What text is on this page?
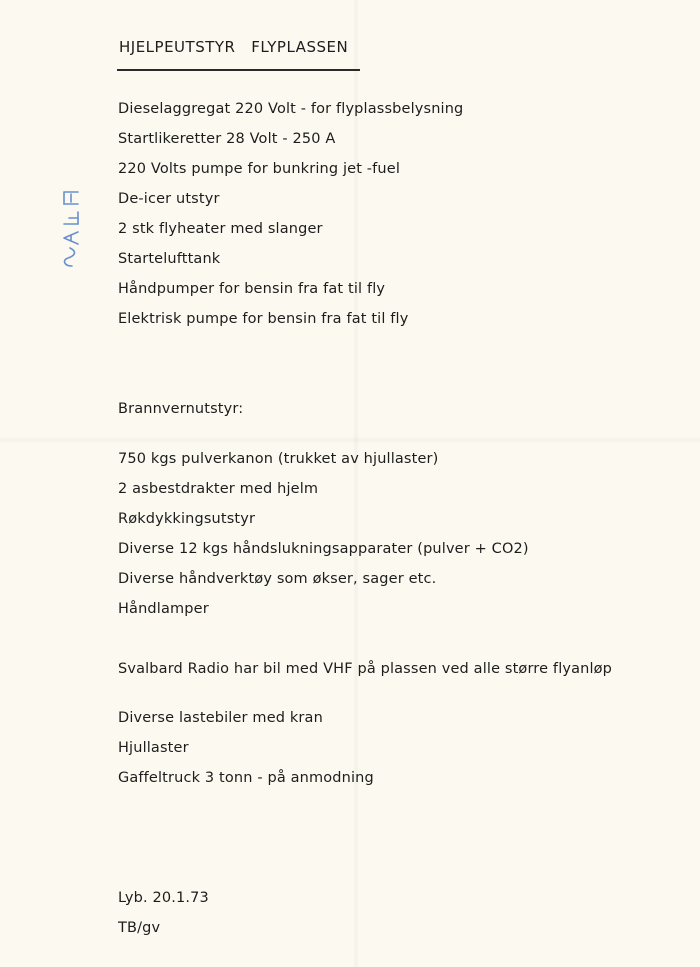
HJELPEUTSTYR   FLYPLASSEN
Dieselaggregat 220 Volt - for flyplassbelysning
Startlikeretter 28 Volt - 250 A
220 Volts pumpe for bunkring jet -fuel
De-icer utstyr
2 stk flyheater med slanger
Startelufttank
Håndpumper for bensin fra fat til fly
Elektrisk pumpe for bensin fra fat til fly
Brannvernutstyr:
750 kgs pulverkanon (trukket av hjullaster)
2 asbestdrakter med hjelm
Røkdykkingsutstyr
Diverse 12 kgs håndslukningsapparater (pulver + CO2)
Diverse håndverktøy som økser, sager etc.
Håndlamper
Svalbard Radio har bil med VHF på plassen ved alle større flyanløp
Diverse lastebiler med kran
Hjullaster
Gaffeltruck 3 tonn - på anmodning
Lyb. 20.1.73
TB/gv
